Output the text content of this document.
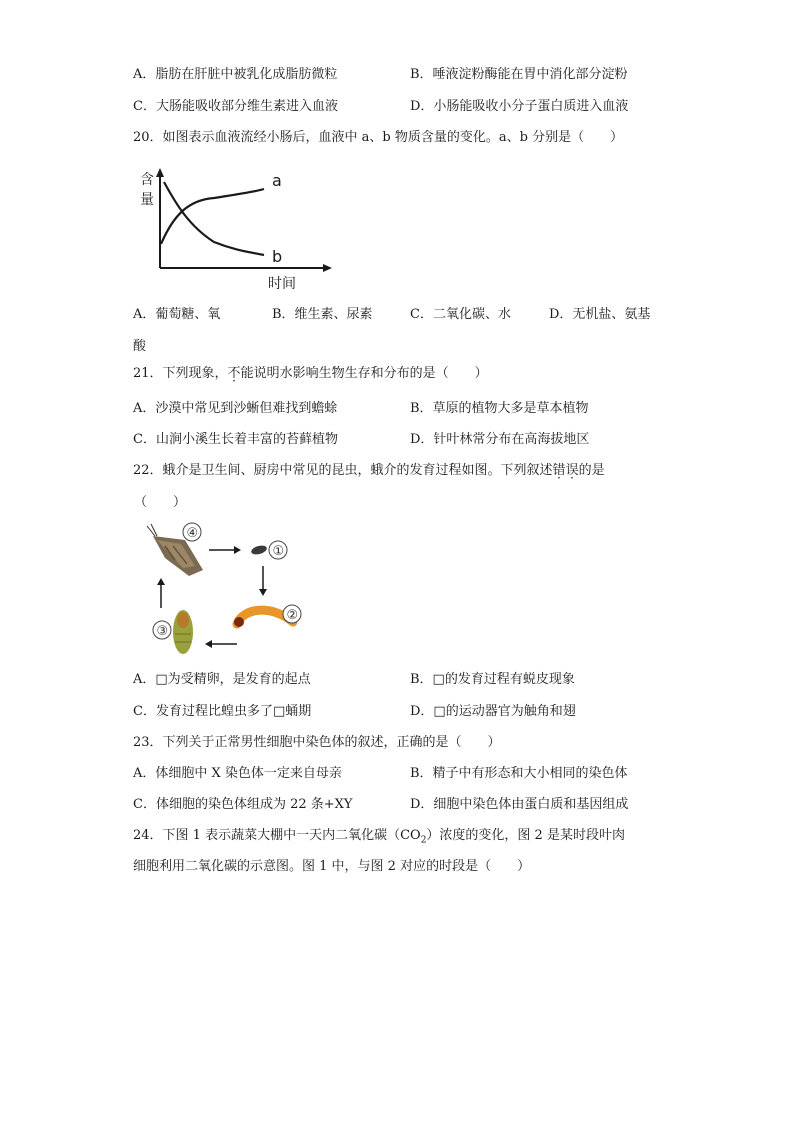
A．脂肪在肝脏中被乳化成脂肪微粒	B．唾液淀粉酶能在胃中消化部分淀粉
C．大肠能吸收部分维生素进入血液	D．小肠能吸收小分子蛋白质进入血液
20．如图表示血液流经小肠后，血液中 a、b 物质含量的变化。a、b 分别是（　　）
含
量
a
b
时间
A．葡萄糖、氧	B．维生素、尿素	C．二氧化碳、水	D．无机盐、氨基
酸
21．下列现象，不能说明水影响生物生存和分布的是（　　）
A．沙漠中常见到沙蜥但难找到蟾蜍	B．草原的植物大多是草本植物
C．山涧小溪生长着丰富的苔藓植物	D．针叶林常分布在高海拔地区
22．蛾介是卫生间、厨房中常见的昆虫，蛾介的发育过程如图。下列叙述错误的是
（　　）
④
①
②
③
A．□为受精卵，是发育的起点	B．□的发育过程有蜕皮现象
C．发育过程比蝗虫多了□蛹期	D．□的运动器官为触角和翅
23．下列关于正常男性细胞中染色体的叙述，正确的是（　　）
A．体细胞中 X 染色体一定来自母亲	B．精子中有形态和大小相同的染色体
C．体细胞的染色体组成为 22 条+XY	D．细胞中染色体由蛋白质和基因组成
24．下图 1 表示蔬菜大棚中一天内二氧化碳$(CO_2)$浓度的变化，图 2 是某时段叶肉
细胞利用二氧化碳的示意图。图 1 中，与图 2 对应的时段是（　　）
